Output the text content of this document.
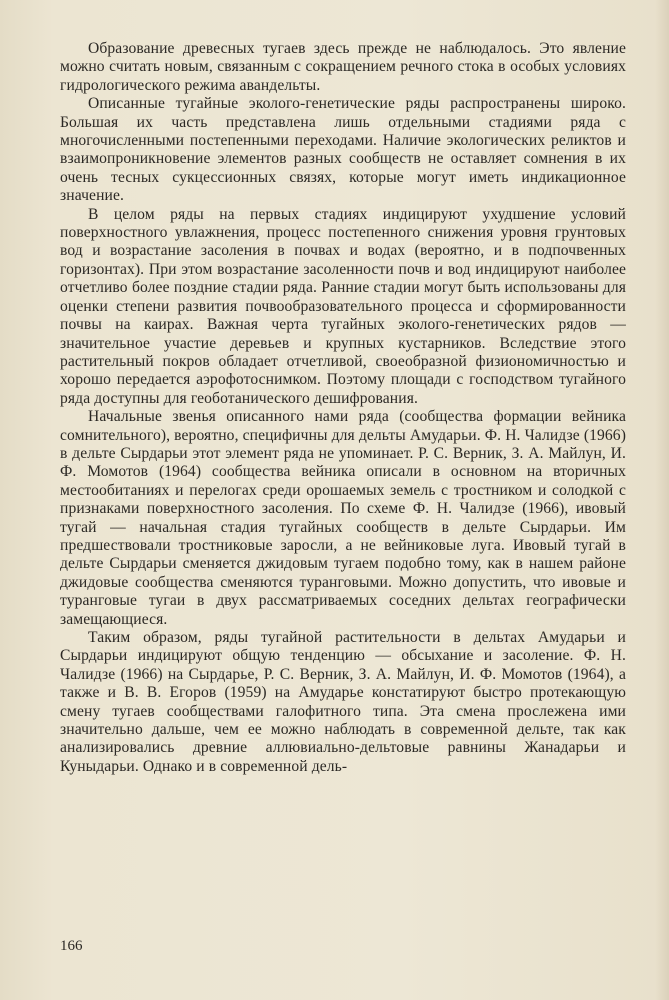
Образование древесных тугаев здесь прежде не наблюдалось. Это явление можно считать новым, связанным с сокращением речного стока в особых условиях гидрологического режима авандельты.

Описанные тугайные эколого-генетические ряды распространены широко. Большая их часть представлена лишь отдельными стадиями ряда с многочисленными постепенными переходами. Наличие экологических реликтов и взаимопроникновение элементов разных сообществ не оставляет сомнения в их очень тесных сукцессионных связях, которые могут иметь индикационное значение.

В целом ряды на первых стадиях индицируют ухудшение условий поверхностного увлажнения, процесс постепенного снижения уровня грунтовых вод и возрастание засоления в почвах и водах (вероятно, и в подпочвенных горизонтах). При этом возрастание засоленности почв и вод индицируют наиболее отчетливо более поздние стадии ряда. Ранние стадии могут быть использованы для оценки степени развития почвообразовательного процесса и сформированности почвы на каирах. Важная черта тугайных эколого-генетических рядов — значительное участие деревьев и крупных кустарников. Вследствие этого растительный покров обладает отчетливой, своеобразной физиономичностью и хорошо передается аэрофотоснимком. Поэтому площади с господством тугайного ряда доступны для геоботанического дешифрования.

Начальные звенья описанного нами ряда (сообщества формации вейника сомнительного), вероятно, специфичны для дельты Амударьи. Ф. Н. Чалидзе (1966) в дельте Сырдарьи этот элемент ряда не упоминает. Р. С. Верник, З. А. Майлун, И. Ф. Момотов (1964) сообщества вейника описали в основном на вторичных местообитаниях и перелогах среди орошаемых земель с тростником и солодкой с признаками поверхностного засоления. По схеме Ф. Н. Чалидзе (1966), ивовый тугай — начальная стадия тугайных сообществ в дельте Сырдарьи. Им предшествовали тростниковые заросли, а не вейниковые луга. Ивовый тугай в дельте Сырдарьи сменяется джидовым тугаем подобно тому, как в нашем районе джидовые сообщества сменяются туранговыми. Можно допустить, что ивовые и туранговые тугаи в двух рассматриваемых соседних дельтах географически замещающиеся.

Таким образом, ряды тугайной растительности в дельтах Амударьи и Сырдарьи индицируют общую тенденцию — обсыхание и засоление. Ф. Н. Чалидзе (1966) на Сырдарье, Р. С. Верник, З. А. Майлун, И. Ф. Момотов (1964), а также и В. В. Егоров (1959) на Амударье констатируют быстро протекающую смену тугаев сообществами галофитного типа. Эта смена прослежена ими значительно дальше, чем ее можно наблюдать в современной дельте, так как анализировались древние аллювиально-дельтовые равнины Жанадарьи и Куныдарьи. Однако и в современной дель-

166
